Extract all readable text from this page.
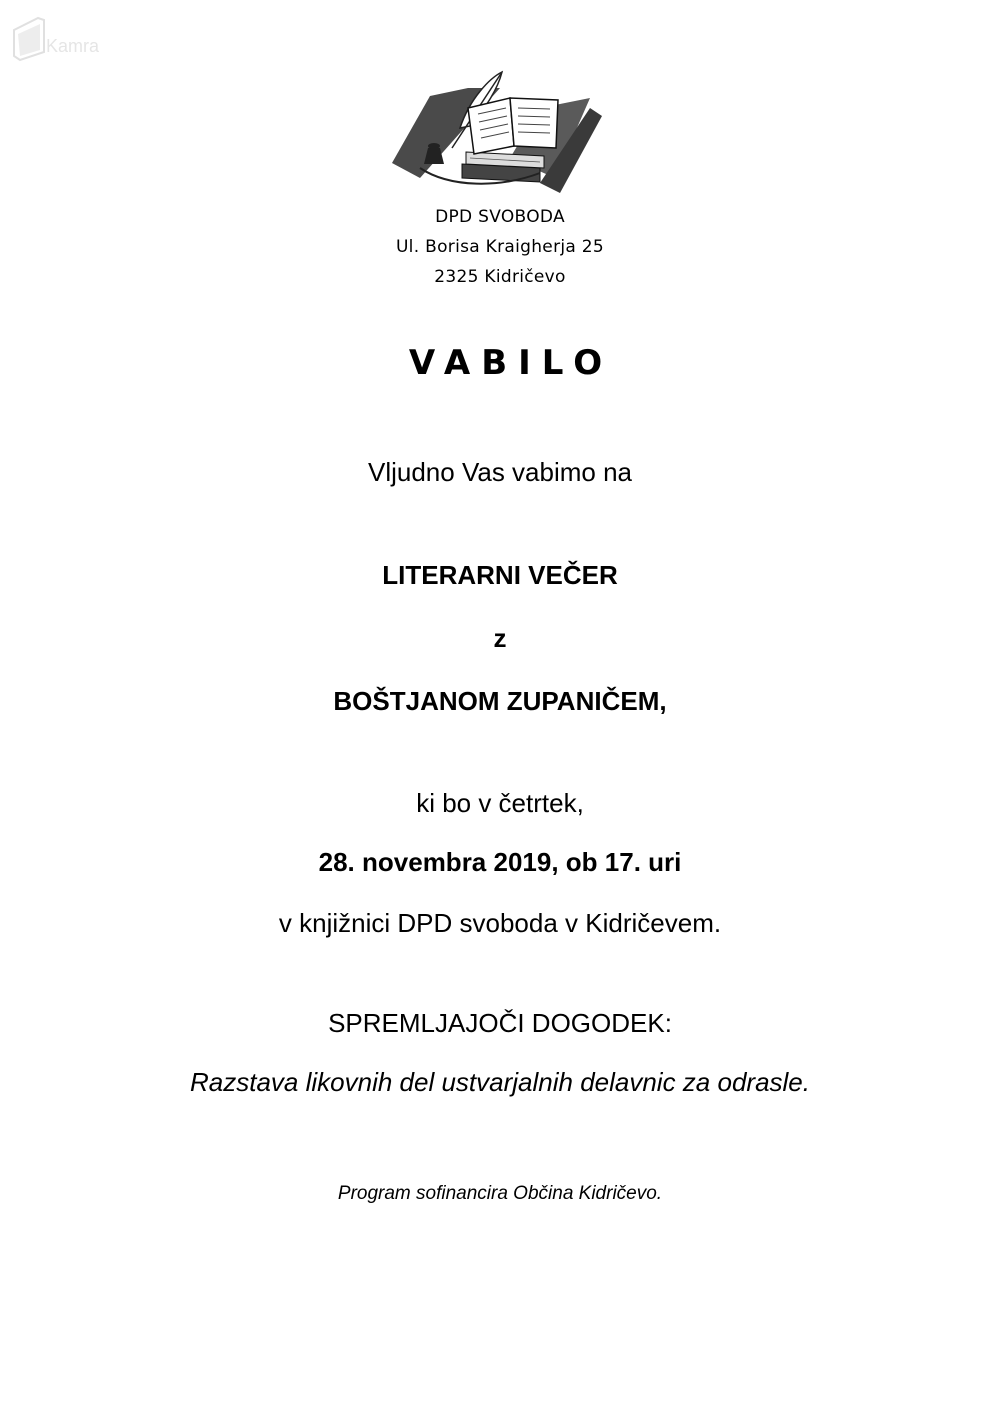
Kamra
DPD SVOBODA
Ul. Borisa Kraigherja 25
2325 Kidričevo
VABILO
Vljudno Vas vabimo na
LITERARNI VEČER
z
BOŠTJANOM ZUPANIČEM,
ki bo v četrtek,
28. novembra 2019, ob 17. uri
v knjižnici DPD svoboda v Kidričevem.
SPREMLJAJOČI DOGODEK:
Razstava likovnih del ustvarjalnih delavnic za odrasle.
Program sofinancira Občina Kidričevo.
